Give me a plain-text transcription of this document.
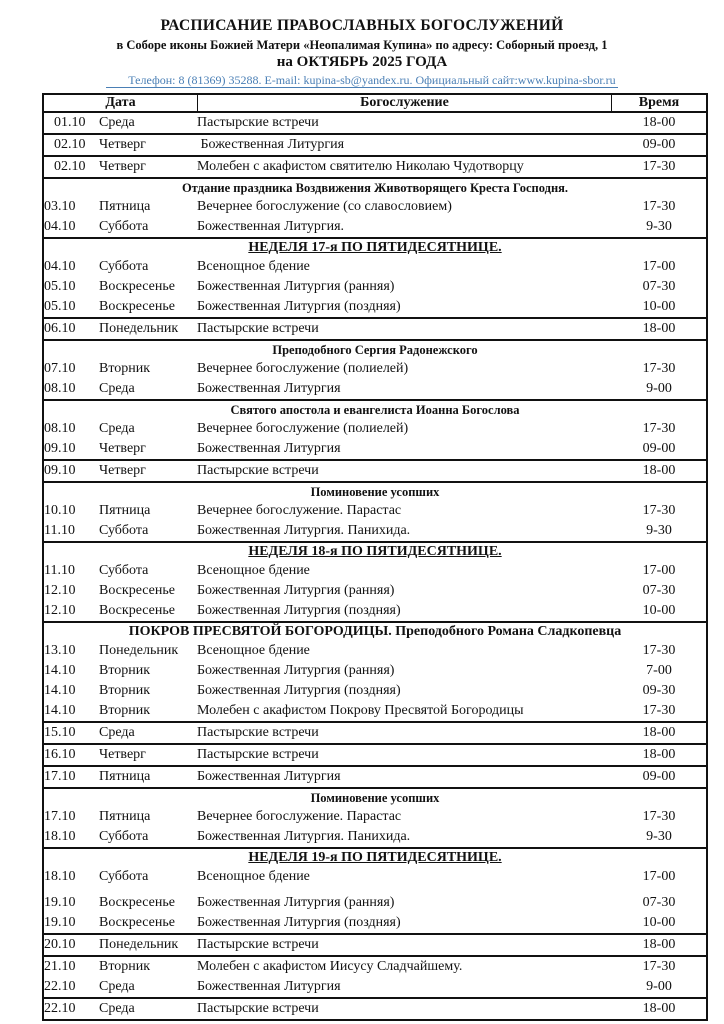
РАСПИСАНИЕ ПРАВОСЛАВНЫХ БОГОСЛУЖЕНИЙ
в Соборе иконы Божией Матери «Неопалимая Купина» по адресу: Соборный проезд, 1
на ОКТЯБРЬ 2025 ГОДА
Телефон: 8 (81369) 35288. E-mail: kupina-sb@yandex.ru. Официальный сайт:www.kupina-sbor.ru
Дата	Богослужение	Время
01.10 Среда	Пастырские встречи	18-00
02.10 Четверг	Божественная Литургия	09-00
02.10 Четверг	Молебен с акафистом святителю Николаю Чудотворцу	17-30
Отдание праздника Воздвижения Животворящего Креста Господня.
03.10	Пятница	Вечернее богослужение (со славословием)	17-30
04.10	Суббота	Божественная Литургия.	9-30
НЕДЕЛЯ 17-я ПО ПЯТИДЕСЯТНИЦЕ.
04.10	Суббота	Всенощное бдение	17-00
05.10	Воскресенье	Божественная Литургия (ранняя)	07-30
05.10	Воскресенье	Божественная Литургия (поздняя)	10-00
06.10	Понедельник	Пастырские встречи	18-00
Преподобного Сергия Радонежского
07.10	Вторник	Вечернее богослужение (полиелей)	17-30
08.10	Среда	Божественная Литургия	9-00
Святого апостола и евангелиста Иоанна Богослова
08.10	Среда	Вечернее богослужение (полиелей)	17-30
09.10	Четверг	Божественная Литургия	09-00
09.10	Четверг	Пастырские встречи	18-00
Поминовение усопших
10.10	Пятница	Вечернее богослужение. Парастас	17-30
11.10	Суббота	Божественная Литургия. Панихида.	9-30
НЕДЕЛЯ 18-я ПО ПЯТИДЕСЯТНИЦЕ.
11.10	Суббота	Всенощное бдение	17-00
12.10	Воскресенье	Божественная Литургия (ранняя)	07-30
12.10	Воскресенье	Божественная Литургия (поздняя)	10-00
ПОКРОВ ПРЕСВЯТОЙ БОГОРОДИЦЫ. Преподобного Романа Сладкопевца
13.10	Понедельник	Всенощное бдение	17-30
14.10	Вторник	Божественная Литургия (ранняя)	7-00
14.10	Вторник	Божественная Литургия (поздняя)	09-30
14.10	Вторник	Молебен с акафистом Покрову Пресвятой Богородицы	17-30
15.10	Среда	Пастырские встречи	18-00
16.10	Четверг	Пастырские встречи	18-00
17.10	Пятница	Божественная Литургия	09-00
Поминовение усопших
17.10	Пятница	Вечернее богослужение. Парастас	17-30
18.10	Суббота	Божественная Литургия. Панихида.	9-30
НЕДЕЛЯ 19-я ПО ПЯТИДЕСЯТНИЦЕ.
18.10	Суббота	Всенощное бдение	17-00
19.10	Воскресенье	Божественная Литургия (ранняя)	07-30
19.10	Воскресенье	Божественная Литургия (поздняя)	10-00
20.10	Понедельник	Пастырские встречи	18-00
21.10	Вторник	Молебен с акафистом Иисусу Сладчайшему.	17-30
22.10	Среда	Божественная Литургия	9-00
22.10	Среда	Пастырские встречи	18-00
